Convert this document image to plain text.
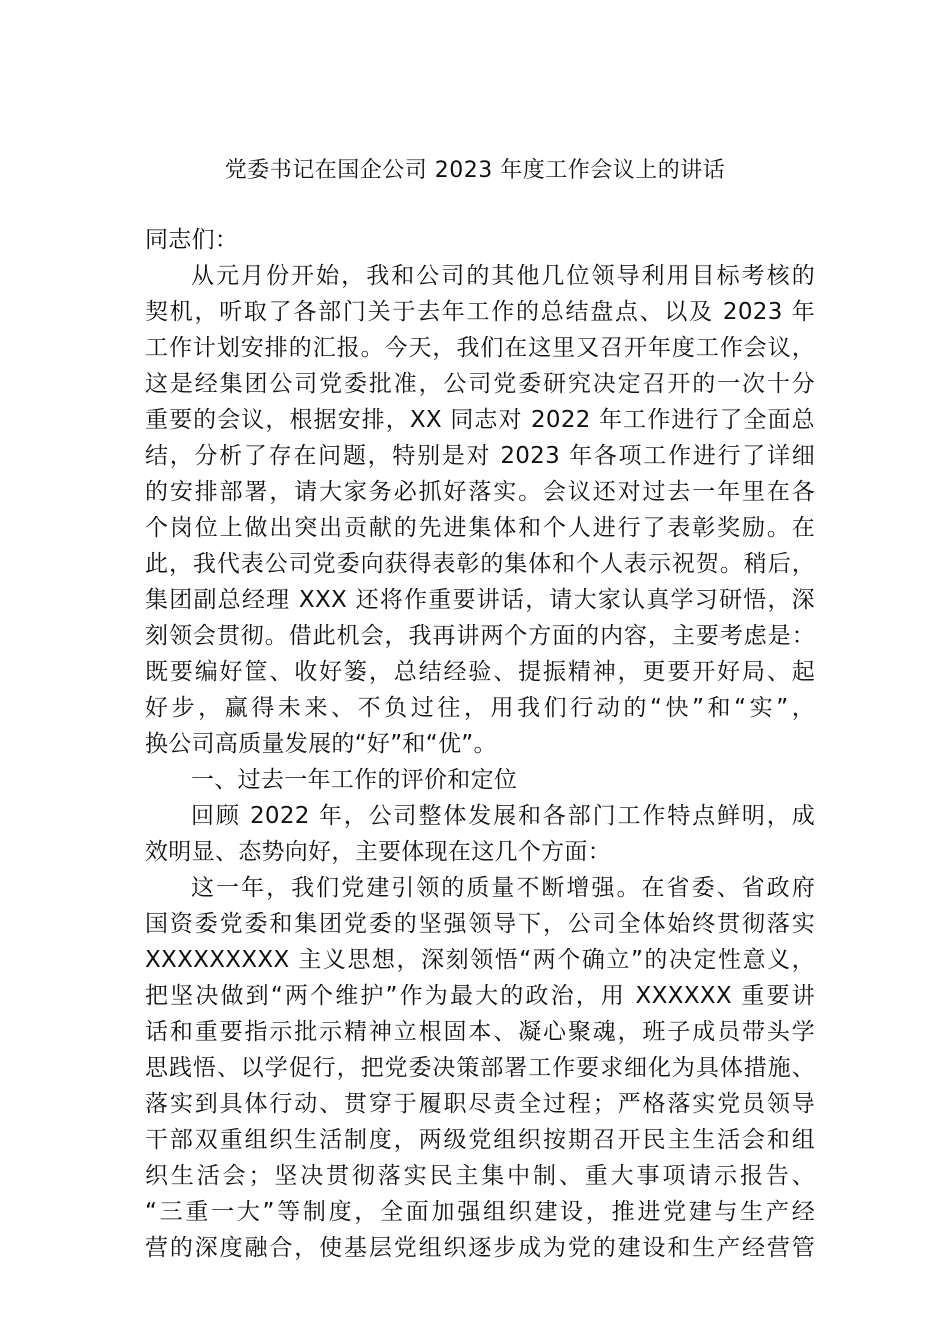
党委书记在国企公司 2023 年度工作会议上的讲话
同志们：
从元月份开始，我和公司的其他几位领导利用目标考核的
契机，听取了各部门关于去年工作的总结盘点、以及 2023 年
工作计划安排的汇报。今天，我们在这里又召开年度工作会议，
这是经集团公司党委批准，公司党委研究决定召开的一次十分
重要的会议，根据安排，XX 同志对 2022 年工作进行了全面总
结，分析了存在问题，特别是对 2023 年各项工作进行了详细
的安排部署，请大家务必抓好落实。会议还对过去一年里在各
个岗位上做出突出贡献的先进集体和个人进行了表彰奖励。在
此，我代表公司党委向获得表彰的集体和个人表示祝贺。稍后，
集团副总经理 XXX 还将作重要讲话，请大家认真学习研悟，深
刻领会贯彻。借此机会，我再讲两个方面的内容，主要考虑是：
既要编好筐、收好篓，总结经验、提振精神，更要开好局、起
好步，赢得未来、不负过往，用我们行动的“快”和“实”，
换公司高质量发展的“好”和“优”。
一、过去一年工作的评价和定位
回顾 2022 年，公司整体发展和各部门工作特点鲜明，成
效明显、态势向好，主要体现在这几个方面：
这一年，我们党建引领的质量不断增强。在省委、省政府
国资委党委和集团党委的坚强领导下，公司全体始终贯彻落实
XXXXXXXXX 主义思想，深刻领悟“两个确立”的决定性意义，
把坚决做到“两个维护”作为最大的政治，用 XXXXXX 重要讲
话和重要指示批示精神立根固本、凝心聚魂，班子成员带头学
思践悟、以学促行，把党委决策部署工作要求细化为具体措施、
落实到具体行动、贯穿于履职尽责全过程；严格落实党员领导
干部双重组织生活制度，两级党组织按期召开民主生活会和组
织生活会；坚决贯彻落实民主集中制、重大事项请示报告、
“三重一大”等制度，全面加强组织建设，推进党建与生产经
营的深度融合，使基层党组织逐步成为党的建设和生产经营管
